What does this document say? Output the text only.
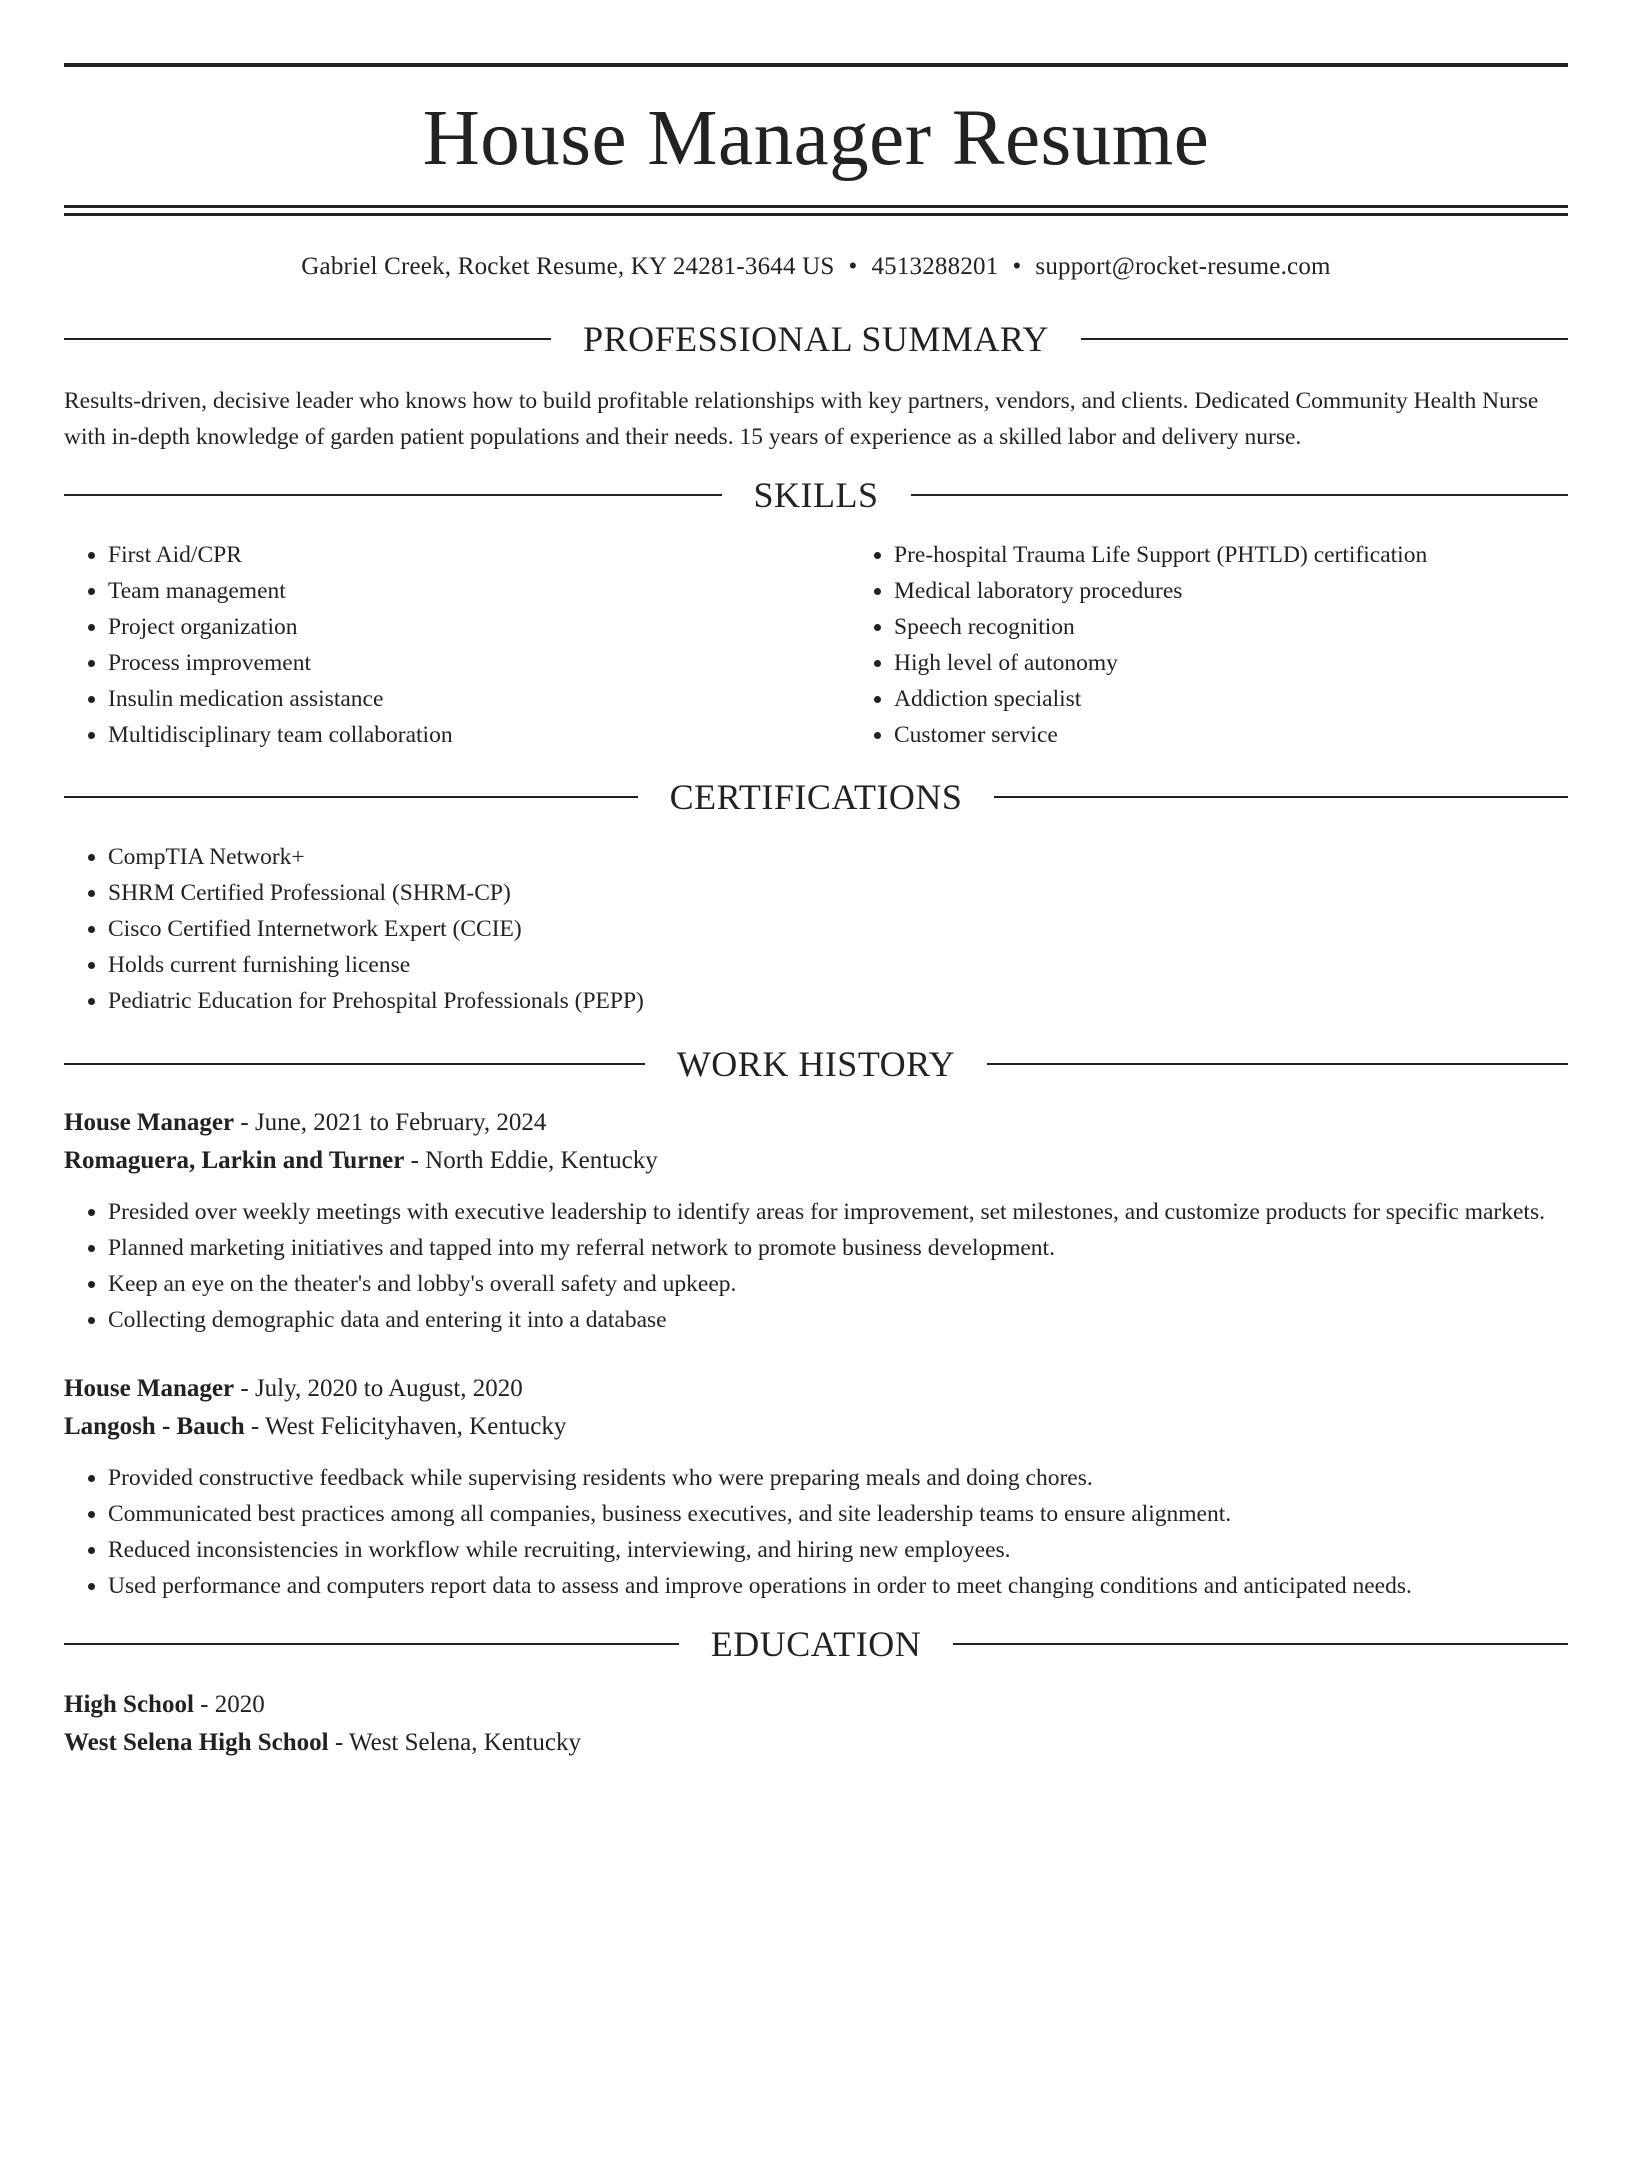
House Manager Resume
Gabriel Creek, Rocket Resume, KY 24281-3644 US • 4513288201 • support@rocket-resume.com
PROFESSIONAL SUMMARY

Results-driven, decisive leader who knows how to build profitable relationships with key partners, vendors, and clients. Dedicated Community Health Nurse with in-depth knowledge of garden patient populations and their needs. 15 years of experience as a skilled labor and delivery nurse.

SKILLS
• First Aid/CPR
• Team management
• Project organization
• Process improvement
• Insulin medication assistance
• Multidisciplinary team collaboration
• Pre-hospital Trauma Life Support (PHTLD) certification
• Medical laboratory procedures
• Speech recognition
• High level of autonomy
• Addiction specialist
• Customer service
CERTIFICATIONS
• CompTIA Network+
• SHRM Certified Professional (SHRM-CP)
• Cisco Certified Internetwork Expert (CCIE)
• Holds current furnishing license
• Pediatric Education for Prehospital Professionals (PEPP)
WORK HISTORY
House Manager - June, 2021 to February, 2024
Romaguera, Larkin and Turner - North Eddie, Kentucky
• Presided over weekly meetings with executive leadership to identify areas for improvement, set milestones, and customize products for specific markets.
• Planned marketing initiatives and tapped into my referral network to promote business development.
• Keep an eye on the theater's and lobby's overall safety and upkeep.
• Collecting demographic data and entering it into a database
House Manager - July, 2020 to August, 2020
Langosh - Bauch - West Felicityhaven, Kentucky
• Provided constructive feedback while supervising residents who were preparing meals and doing chores.
• Communicated best practices among all companies, business executives, and site leadership teams to ensure alignment.
• Reduced inconsistencies in workflow while recruiting, interviewing, and hiring new employees.
• Used performance and computers report data to assess and improve operations in order to meet changing conditions and anticipated needs.
EDUCATION
High School - 2020
West Selena High School - West Selena, Kentucky
